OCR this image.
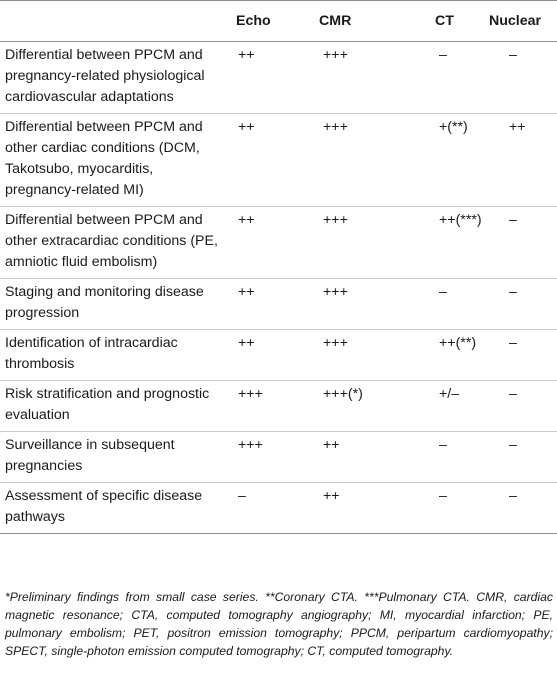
	Echo	CMR	CT	Nuclear
Differential between PPCM and pregnancy-related physiological cardiovascular adaptations	++	+++	–	–
Differential between PPCM and other cardiac conditions (DCM, Takotsubo, myocarditis, pregnancy-related MI)	++	+++	+(**)	++
Differential between PPCM and other extracardiac conditions (PE, amniotic fluid embolism)	++	+++	++(***)	–
Staging and monitoring disease progression	++	+++	–	–
Identification of intracardiac thrombosis	++	+++	++(**)	–
Risk stratification and prognostic evaluation	+++	+++(*)	+/–	–
Surveillance in subsequent pregnancies	+++	++	–	–
Assessment of specific disease pathways	–	++	–	–
*Preliminary findings from small case series. **Coronary CTA. ***Pulmonary CTA. CMR, cardiac magnetic resonance; CTA, computed tomography angiography; MI, myocardial infarction; PE, pulmonary embolism; PET, positron emission tomography; PPCM, peripartum cardiomyopathy; SPECT, single-photon emission computed tomography; CT, computed tomography.
